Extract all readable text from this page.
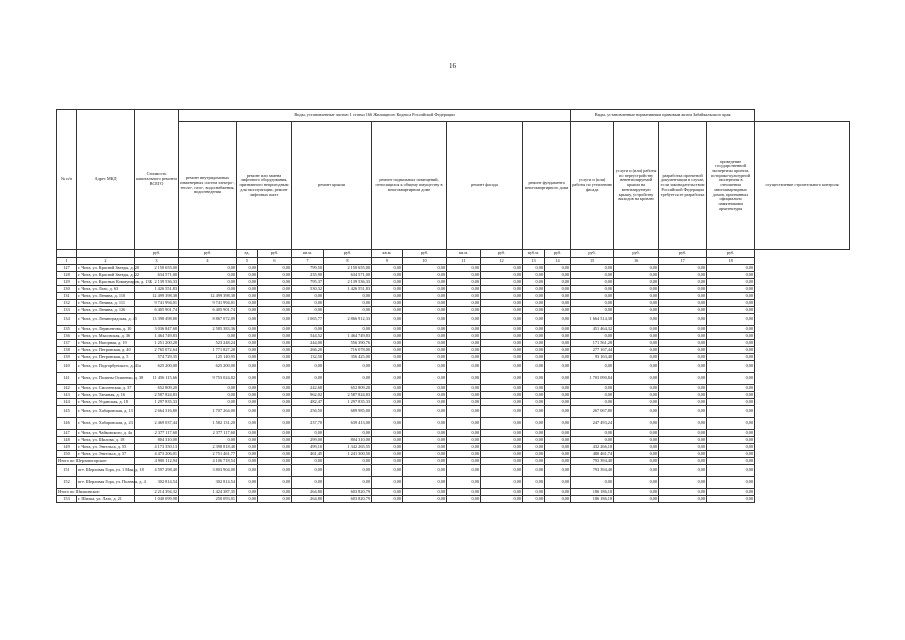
16
№ п/п	Адрес МКД	Стоимость капитального ремонта ВСЕГО	Виды, установленные частью 1 статьи 166 Жилищного Кодекса Российской Федерации											Виды, установленные нормативным правовым актом Забайкальского края				
			ремонт внутридомовых инженерных систем электро-, тепло-, газо-, водоснабжения, водоотведения	ремонт или замена лифтового оборудования, признанного непригодным для эксплуатации, ремонт лифтовых шахт		ремонт крыши		ремонт подвальных помещений, относящихся к общему имуществу в многоквартирном доме		ремонт фасада		ремонт фундамента многоквартирного дома		услуги и (или) работы по утеплению фасада	услуги и (или) работы по переустройству невентилируемой крыши на вентилируемую крышу, устройству выходов на кровлю	разработка проектной документации в случае, если законодательством Российской Федерации требуется ее разработка	проведение государственной экспертизы проекта, историко-культурной экспертизы в отношении многоквартирных домов, признанных официально памятниками архитектуры	осуществление строительного контроля
		руб.	руб.	ед.	руб.	кв.м.	руб.	кв.м.	руб.	кв.м.	руб.	куб.м.	руб.	руб.	руб.	руб.	руб.	
1	2	3	4	5	6	7	8	9	10	11	12	13	14	15	16	17	18	
127	г. Чита, ул. Красной Звезды, д. 20	2 150 655,00	0,00	0,00	0,00	799,50	2 150 655,00	0,00	0,00	0,00	0,00	0,00	0,00	0,00	0,00	0,00	0,00	
128	г. Чита, ул. Красной Звезды, д. 22	634 571,00	0,00	0,00	0,00	235,90	634 571,00	0,00	0,00	0,00	0,00	0,00	0,00	0,00	0,00	0,00	0,00	
129	г. Чита, ул. Красных Коммунаров, д. 13Б	2 139 536,33	0,00	0,00	0,00	795,37	2 139 536,33	0,00	0,00	0,00	0,00	0,00	0,00	0,00	0,00	0,00	0,00	
130	г. Чита, ул. Лазо, д. 63	1 426 551,83	0,00	0,00	0,00	530,32	1 426 551,83	0,00	0,00	0,00	0,00	0,00	0,00	0,00	0,00	0,00	0,00	
131	г. Чита, ул. Ленина, д. 110	12 499 398,38	12 499 398,38	0,00	0,00	0,00	0,00	0,00	0,00	0,00	0,00	0,00	0,00	0,00	0,00	0,00	0,00	
132	г. Чита, ул. Ленина, д. 111	9 741 994,01	9 741 994,01	0,00	0,00	0,00	0,00	0,00	0,00	0,00	0,00	0,00	0,00	0,00	0,00	0,00	0,00	
133	г. Чита, ул. Ленина, д. 126	6 405 901,74	6 405 901,74	0,00	0,00	0,00	0,00	0,00	0,00	0,00	0,00	0,00	0,00	0,00	0,00	0,00	0,00	
134	г. Чита, ул. Ленинградская, д. 45	13 398 498,80	8 867 072,09	0,00	0,00	1 065,77	2 866 912,33	0,00	0,00	0,00	0,00	0,00	0,00	1 664 514,38	0,00	0,00	0,00	
135	г. Чита, ул. Лермонтова, д. 10	3 036 847,68	2 585 383,36	0,00	0,00	0,00	0,00	0,00	0,00	0,00	0,00	0,00	0,00	451 464,32	0,00	0,00	0,00	
136	г. Чита, ул. Мысовская, д. 36	1 464 749,83	0,00	0,00	0,00	544,52	1 464 749,83	0,00	0,00	0,00	0,00	0,00	0,00	0,00	0,00	0,00	0,00	
137	г. Чита, ул. Нагорная, д. 19	1 251 200,28	523 248,24	0,00	0,00	244,00	556 390,76	0,00	0,00	0,00	0,00	0,00	0,00	171 561,28	0,00	0,00	0,00	
138	г. Чита, ул. Петровская, д. 40	2 765 072,64	1 771 827,20	0,00	0,00	266,20	716 078,00	0,00	0,00	0,00	0,00	0,00	0,00	277 167,44	0,00	0,00	0,00	
139	г. Чита, ул. Петровская, д. 5	574 729,35	125 140,95	0,00	0,00	132,50	356 425,00	0,00	0,00	0,00	0,00	0,00	0,00	93 163,40	0,00	0,00	0,00	
140	г. Чита, ул. Подгорбунского, д. 41а	625 200,00	625 200,00	0,00	0,00	0,00	0,00	0,00	0,00	0,00	0,00	0,00	0,00	0,00	0,00	0,00	0,00	
141	г. Чита, ул. Полины Осипенко, д. 38	11 456 115,66	9 753 024,82	0,00	0,00	0,00	0,00	0,00	0,00	0,00	0,00	0,00	0,00	1 703 090,84	0,00	0,00	0,00	
142	г. Чита, ул. Смоленская, д. 37	652 809,20	0,00	0,00	0,00	242,68	652 809,20	0,00	0,00	0,00	0,00	0,00	0,00	0,00	0,00	0,00	0,00	
143	г. Чита, ул. Таежная, д. 16	2 587 824,83	0,00	0,00	0,00	962,02	2 587 824,83	0,00	0,00	0,00	0,00	0,00	0,00	0,00	0,00	0,00	0,00	
144	г. Чита, ул. Угданская, д. 18	1 297 835,33	0,00	0,00	0,00	482,47	1 297 835,33	0,00	0,00	0,00	0,00	0,00	0,00	0,00	0,00	0,00	0,00	
145	г. Чита, ул. Хабаровская, д. 13	2 664 316,80	1 707 264,00	0,00	0,00	256,50	689 985,00	0,00	0,00	0,00	0,00	0,00	0,00	267 067,80	0,00	0,00	0,00	
146	г. Чита, ул. Хабаровская, д. 23	2 469 037,44	1 582 131,20	0,00	0,00	237,70	639 413,00	0,00	0,00	0,00	0,00	0,00	0,00	247 493,24	0,00	0,00	0,00	
147	г. Чита, ул. Чайковского, д. 4а	2 377 117,60	2 377 117,60	0,00	0,00	0,00	0,00	0,00	0,00	0,00	0,00	0,00	0,00	0,00	0,00	0,00	0,00	
148	г. Чита, ул. Шилова, д. 18	804 310,00	0,00	0,00	0,00	299,00	804 310,00	0,00	0,00	0,00	0,00	0,00	0,00	0,00	0,00	0,00	0,00	
149	г. Чита, ул. Энгельса, д. 55	4 173 350,13	2 398 818,40	0,00	0,00	499,10	1 342 265,55	0,00	0,00	0,00	0,00	0,00	0,00	432 266,18	0,00	0,00	0,00	
150	г. Чита, ул. Энгельса, д. 57	4 473 206,01	2 751 461,77	0,00	0,00	461,45	1 241 300,50	0,00	0,00	0,00	0,00	0,00	0,00	480 461,74	0,00	0,00	0,00	
Итого по Шерловогорское:		4 900 112,94	4 106 718,54	0,00	0,00	0,00	0,00	0,00	0,00	0,00	0,00	0,00	0,00	793 394,40	0,00	0,00	0,00	
151	пгт. Шерловая Гора, ул. 1 Мая, д. 18	4 597 298,40	3 803 904,00	0,00	0,00	0,00	0,00	0,00	0,00	0,00	0,00	0,00	0,00	793 394,40	0,00	0,00	0,00	
152	пгт. Шерловая Гора, ул. Полевая, д. 4	302 814,54	302 814,54	0,00	0,00	0,00	0,00	0,00	0,00	0,00	0,00	0,00	0,00	0,00	0,00	0,00	0,00	
Итого по Шилкинское:		2 214 394,32	1 424 387,35	0,00	0,00	264,80	603 820,79	0,00	0,00	0,00	0,00	0,00	0,00	186 186,18	0,00	0,00	0,00	
153	г. Шилка, ул. Лазо, д. 21	1 040 099,98	250 093,01	0,00	0,00	264,80	603 820,79	0,00	0,00	0,00	0,00	0,00	0,00	186 186,18	0,00	0,00	0,00	
